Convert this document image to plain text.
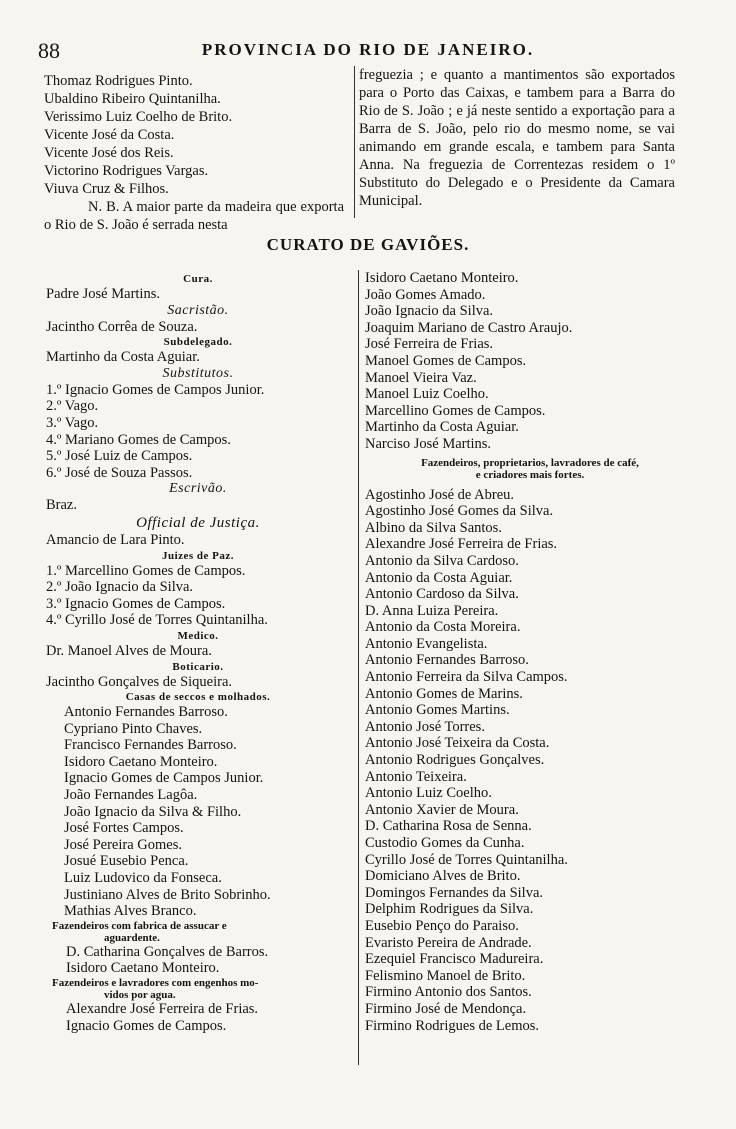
88	PROVINCIA DO RIO DE JANEIRO.
Thomaz Rodrigues Pinto.
Ubaldino Ribeiro Quintanilha.
Verissimo Luiz Coelho de Brito.
Vicente José da Costa.
Vicente José dos Reis.
Victorino Rodrigues Vargas.
Viuva Cruz & Filhos.

N. B. A maior parte da madeira que exporta o Rio de S. João é serrada nesta

freguezia ; e quanto a mantimentos são exportados para o Porto das Caixas, e tambem para a Barra do Rio de S. João ; e já neste sentido a exportação para a Barra de S. João, pelo rio do mesmo nome, se vai animando em grande escala, e tambem para Santa Anna. Na freguezia de Correntezas residem o 1º Substituto do Delegado e o Presidente da Camara Municipal.

CURATO DE GAVIÕES.
Cura.
Padre José Martins.
Sacristão.
Jacintho Corrêa de Souza.
Subdelegado.
Martinho da Costa Aguiar.
Substitutos.
1.º Ignacio Gomes de Campos Junior.
2.º Vago.
3.º Vago.
4.º Mariano Gomes de Campos.
5.º José Luiz de Campos.
6.º José de Souza Passos.
Escrivão.
Braz.
Official de Justiça.
Amancio de Lara Pinto.
Juizes de Paz.
1.º Marcellino Gomes de Campos.
2.º João Ignacio da Silva.
3.º Ignacio Gomes de Campos.
4.º Cyrillo José de Torres Quintanilha.
Medico.
Dr. Manoel Alves de Moura.
Boticario.
Jacintho Gonçalves de Siqueira.
Casas de seccos e molhados.
Antonio Fernandes Barroso.
Cypriano Pinto Chaves.
Francisco Fernandes Barroso.
Isidoro Caetano Monteiro.
Ignacio Gomes de Campos Junior.
João Fernandes Lagôa.
João Ignacio da Silva & Filho.
José Fortes Campos.
José Pereira Gomes.
Josué Eusebio Penca.
Luiz Ludovico da Fonseca.
Justiniano Alves de Brito Sobrinho.
Mathias Alves Branco.
Fazendeiros com fabrica de assucar e
aguardente.
D. Catharina Gonçalves de Barros.
Isidoro Caetano Monteiro.
Fazendeiros e lavradores com engenhos mo-
vidos por agua.
Alexandre José Ferreira de Frias.
Ignacio Gomes de Campos.
Isidoro Caetano Monteiro.
João Gomes Amado.
João Ignacio da Silva.
Joaquim Mariano de Castro Araujo.
José Ferreira de Frias.
Manoel Gomes de Campos.
Manoel Vieira Vaz.
Manoel Luiz Coelho.
Marcellino Gomes de Campos.
Martinho da Costa Aguiar.
Narciso José Martins.
Fazendeiros, proprietarios, lavradores de café,
e criadores mais fortes.
Agostinho José de Abreu.
Agostinho José Gomes da Silva.
Albino da Silva Santos.
Alexandre José Ferreira de Frias.
Antonio da Silva Cardoso.
Antonio da Costa Aguiar.
Antonio Cardoso da Silva.
D. Anna Luiza Pereira.
Antonio da Costa Moreira.
Antonio Evangelista.
Antonio Fernandes Barroso.
Antonio Ferreira da Silva Campos.
Antonio Gomes de Marins.
Antonio Gomes Martins.
Antonio José Torres.
Antonio José Teixeira da Costa.
Antonio Rodrigues Gonçalves.
Antonio Teixeira.
Antonio Luiz Coelho.
Antonio Xavier de Moura.
D. Catharina Rosa de Senna.
Custodio Gomes da Cunha.
Cyrillo José de Torres Quintanilha.
Domiciano Alves de Brito.
Domingos Fernandes da Silva.
Delphim Rodrigues da Silva.
Eusebio Penço do Paraiso.
Evaristo Pereira de Andrade.
Ezequiel Francisco Madureira.
Felismino Manoel de Brito.
Firmino Antonio dos Santos.
Firmino José de Mendonça.
Firmino Rodrigues de Lemos.
